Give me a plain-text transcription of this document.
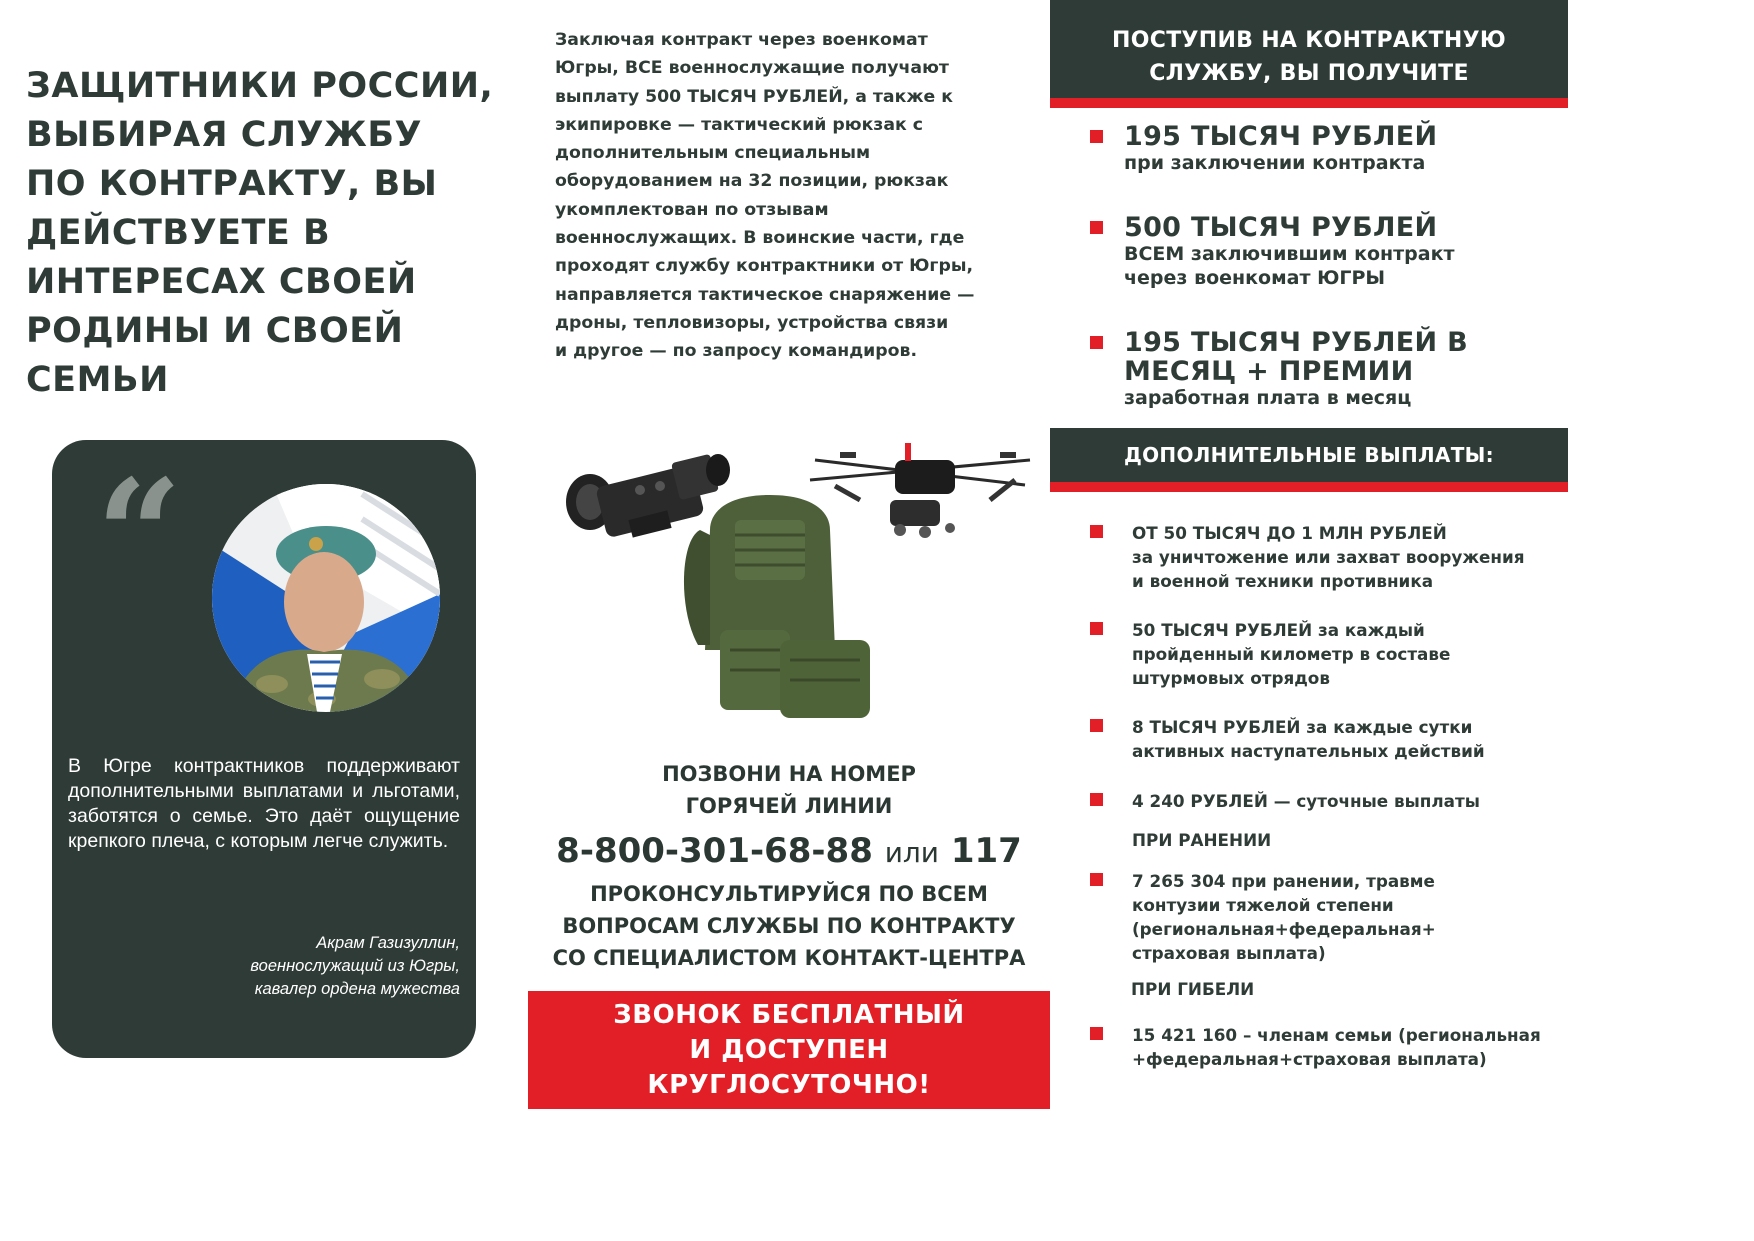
ЗАЩИТНИКИ РОССИИ,
ВЫБИРАЯ СЛУЖБУ
ПО КОНТРАКТУ, ВЫ
ДЕЙСТВУЕТЕ В
ИНТЕРЕСАХ СВОЕЙ
РОДИНЫ И СВОЕЙ
СЕМЬИ
“
В Югре контрактников поддерживают дополнительными выплатами и льготами, заботятся о семье. Это даёт ощущение крепкого плеча, с которым легче служить.
Акрам Газизуллин,
военнослужащий из Югры,
кавалер ордена мужества
Заключая контракт через военкомат
Югры, ВСЕ военнослужащие получают
выплату 500 ТЫСЯЧ РУБЛЕЙ, а также к
экипировке — тактический рюкзак с
дополнительным специальным
оборудованием на 32 позиции, рюкзак
укомплектован по отзывам
военнослужащих. В воинские части, где
проходят службу контрактники от Югры,
направляется тактическое снаряжение —
дроны, тепловизоры, устройства связи
и другое — по запросу командиров.
ПОЗВОНИ НА НОМЕР
ГОРЯЧЕЙ ЛИНИИ
8-800-301-68-88 или 117
ПРОКОНСУЛЬТИРУЙСЯ ПО ВСЕМ
ВОПРОСАМ СЛУЖБЫ ПО КОНТРАКТУ
СО СПЕЦИАЛИСТОМ КОНТАКТ-ЦЕНТРА
ЗВОНОК БЕСПЛАТНЫЙ
И ДОСТУПЕН
КРУГЛОСУТОЧНО!
ПОСТУПИВ НА КОНТРАКТНУЮ
СЛУЖБУ, ВЫ ПОЛУЧИТЕ
195 ТЫСЯЧ РУБЛЕЙ
при заключении контракта
500 ТЫСЯЧ РУБЛЕЙ
ВСЕМ заключившим контракт
через военкомат ЮГРЫ
195 ТЫСЯЧ РУБЛЕЙ В
МЕСЯЦ + ПРЕМИИ
заработная плата в месяц
ДОПОЛНИТЕЛЬНЫЕ ВЫПЛАТЫ:
ОТ 50 ТЫСЯЧ ДО 1 МЛН РУБЛЕЙ
за уничтожение или захват вооружения
и военной техники противника
50 ТЫСЯЧ РУБЛЕЙ за каждый
пройденный километр в составе
штурмовых отрядов
8 ТЫСЯЧ РУБЛЕЙ за каждые сутки
активных наступательных действий
4 240 РУБЛЕЙ — суточные выплаты
ПРИ РАНЕНИИ
7 265 304 при ранении, травме
контузии тяжелой степени
(региональная+федеральная+
страховая выплата)
ПРИ ГИБЕЛИ
15 421 160 – членам семьи (региональная
+федеральная+страховая выплата)
